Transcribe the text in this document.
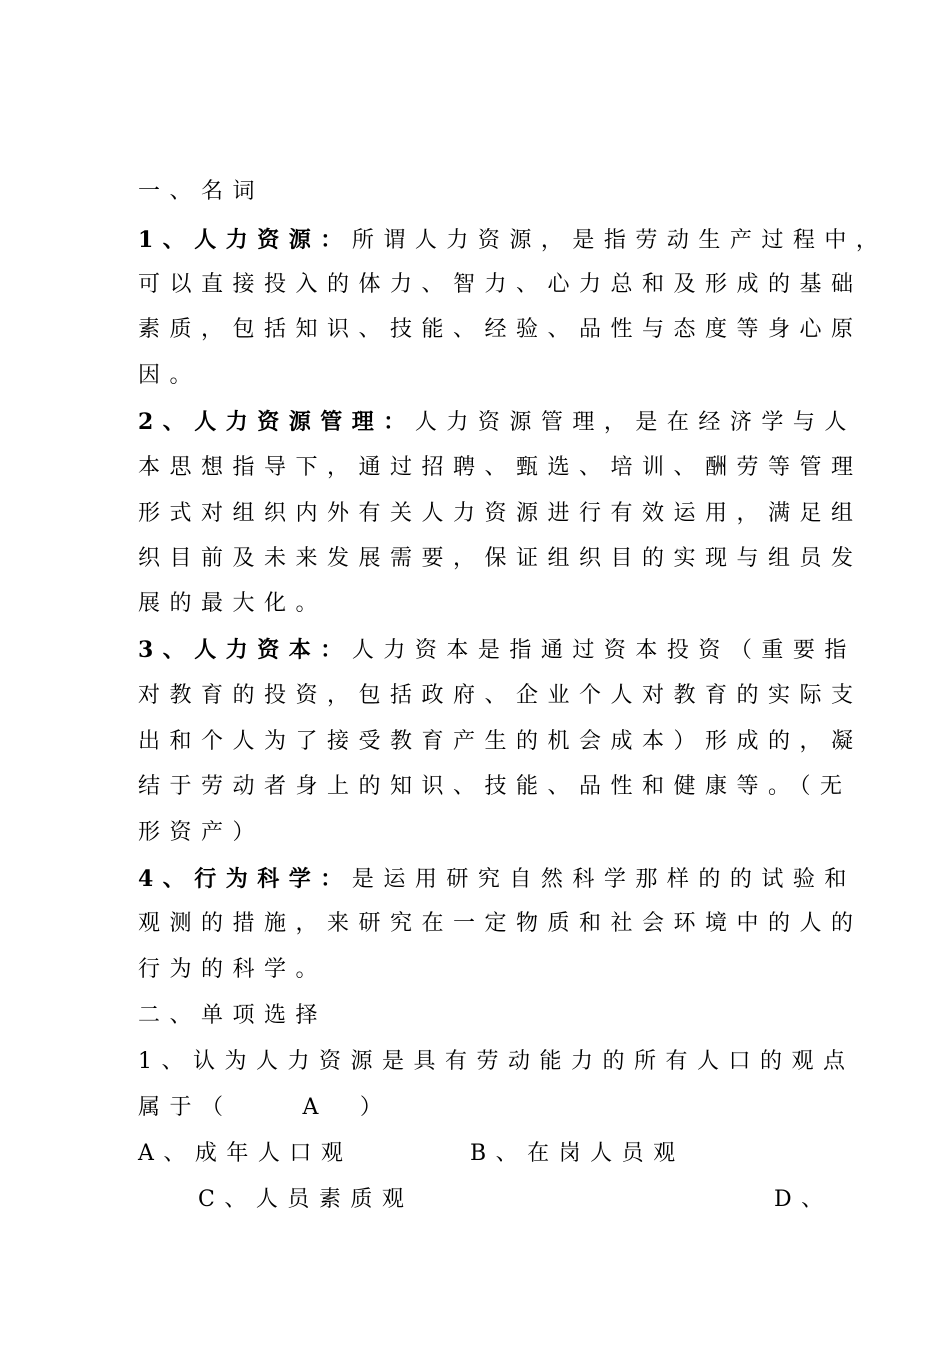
一、名词
1、人力资源：所谓人力资源，是指劳动生产过程中，
可以直接投入的体力、智力、心力总和及形成的基础
素质，包括知识、技能、经验、品性与态度等身心原
因。
2、人力资源管理：人力资源管理，是在经济学与人
本思想指导下，通过招聘、甄选、培训、酬劳等管理
形式对组织内外有关人力资源进行有效运用，满足组
织目前及未来发展需要，保证组织目的实现与组员发
展的最大化。
3、人力资本：人力资本是指通过资本投资（重要指
对教育的投资，包括政府、企业个人对教育的实际支
出和个人为了接受教育产生的机会成本）形成的，凝
结于劳动者身上的知识、技能、品性和健康等。（无
形资产）
4、行为科学：是运用研究自然科学那样的的试验和
观测的措施，来研究在一定物质和社会环境中的人的
行为的科学。
二、单项选择
1、认为人力资源是具有劳动能力的所有人口的观点
属于（	A ）
A、成年人口观	B、在岗人员观
C、人员素质观	D、
